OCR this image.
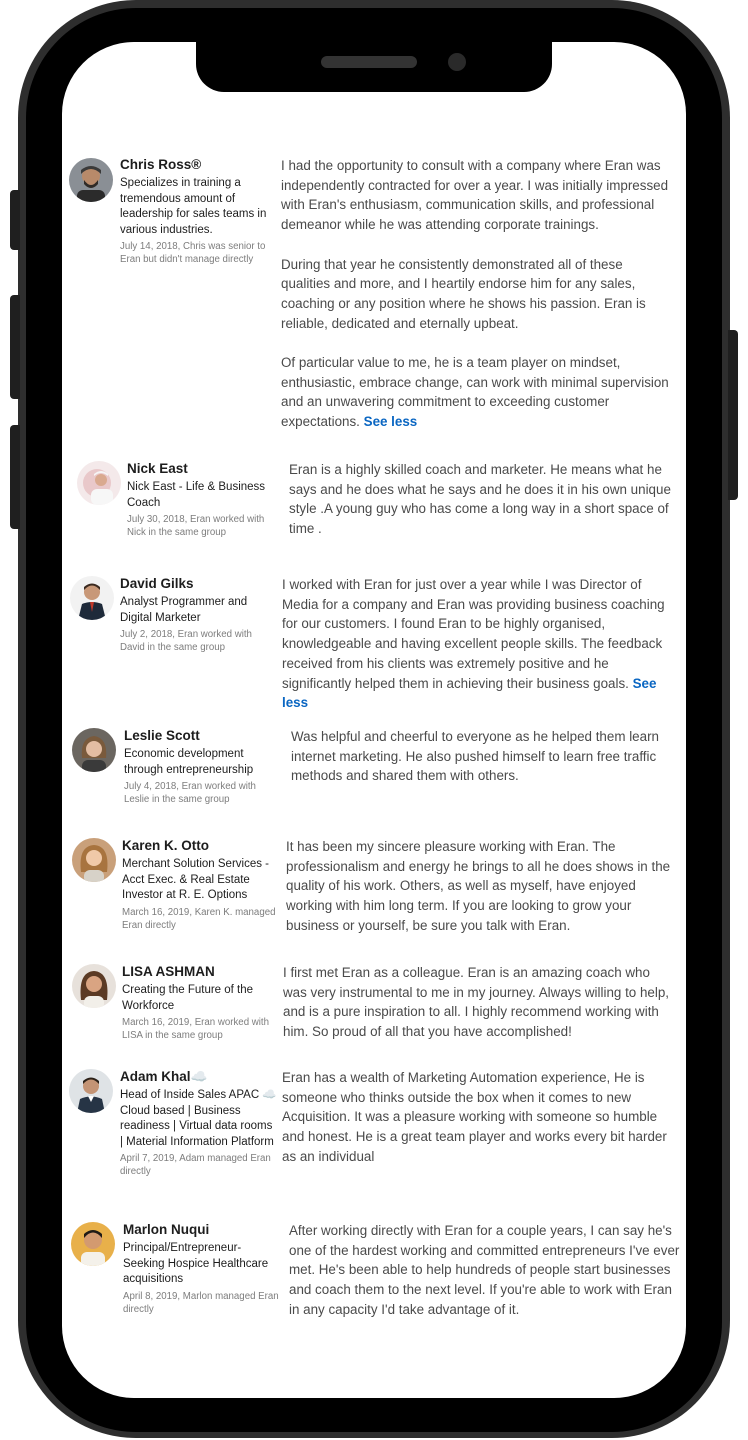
Chris Ross®
Specializes in training a tremendous amount of leadership for sales teams in various industries.
July 14, 2018, Chris was senior to Eran but didn't manage directly

I had the opportunity to consult with a company where Eran was independently contracted for over a year. I was initially impressed with Eran's enthusiasm, communication skills, and professional demeanor while he was attending corporate trainings.

During that year he consistently demonstrated all of these qualities and more, and I heartily endorse him for any sales, coaching or any position where he shows his passion. Eran is reliable, dedicated and eternally upbeat.

Of particular value to me, he is a team player on mindset, enthusiastic, embrace change, can work with minimal supervision and an unwavering commitment to exceeding customer expectations. See less

Nick East
Nick East - Life & Business Coach
July 30, 2018, Eran worked with Nick in the same group

Eran is a highly skilled coach and marketer. He means what he says and he does what he says and he does it in his own unique style .A young guy who has come a long way in a short space of time .

David Gilks
Analyst Programmer and Digital Marketer
July 2, 2018, Eran worked with David in the same group

I worked with Eran for just over a year while I was Director of Media for a company and Eran was providing business coaching for our customers. I found Eran to be highly organised, knowledgeable and having excellent people skills. The feedback received from his clients was extremely positive and he significantly helped them in achieving their business goals. See less

Leslie Scott
Economic development through entrepreneurship
July 4, 2018, Eran worked with Leslie in the same group

Was helpful and cheerful to everyone as he helped them learn internet marketing. He also pushed himself to learn free traffic methods and shared them with others.

Karen K. Otto
Merchant Solution Services - Acct Exec. & Real Estate Investor at R. E. Options
March 16, 2019, Karen K. managed Eran directly

It has been my sincere pleasure working with Eran. The professionalism and energy he brings to all he does shows in the quality of his work. Others, as well as myself, have enjoyed working with him long term. If you are looking to grow your business or yourself, be sure you talk with Eran.

LISA ASHMAN
Creating the Future of the Workforce
March 16, 2019, Eran worked with LISA in the same group

I first met Eran as a colleague. Eran is an amazing coach who was very instrumental to me in my journey. Always willing to help, and is a pure inspiration to all. I highly recommend working with him. So proud of all that you have accomplished!

Adam Khal☁️
Head of Inside Sales APAC ☁️ Cloud based | Business readiness | Virtual data rooms | Material Information Platform
April 7, 2019, Adam managed Eran directly

Eran has a wealth of Marketing Automation experience, He is someone who thinks outside the box when it comes to new Acquisition. It was a pleasure working with someone so humble and honest. He is a great team player and works every bit harder as an individual

Marlon Nuqui
Principal/Entrepreneur-Seeking Hospice Healthcare acquisitions
April 8, 2019, Marlon managed Eran directly

After working directly with Eran for a couple years, I can say he's one of the hardest working and committed entrepreneurs I've ever met. He's been able to help hundreds of people start businesses and coach them to the next level. If you're able to work with Eran in any capacity I'd take advantage of it.
